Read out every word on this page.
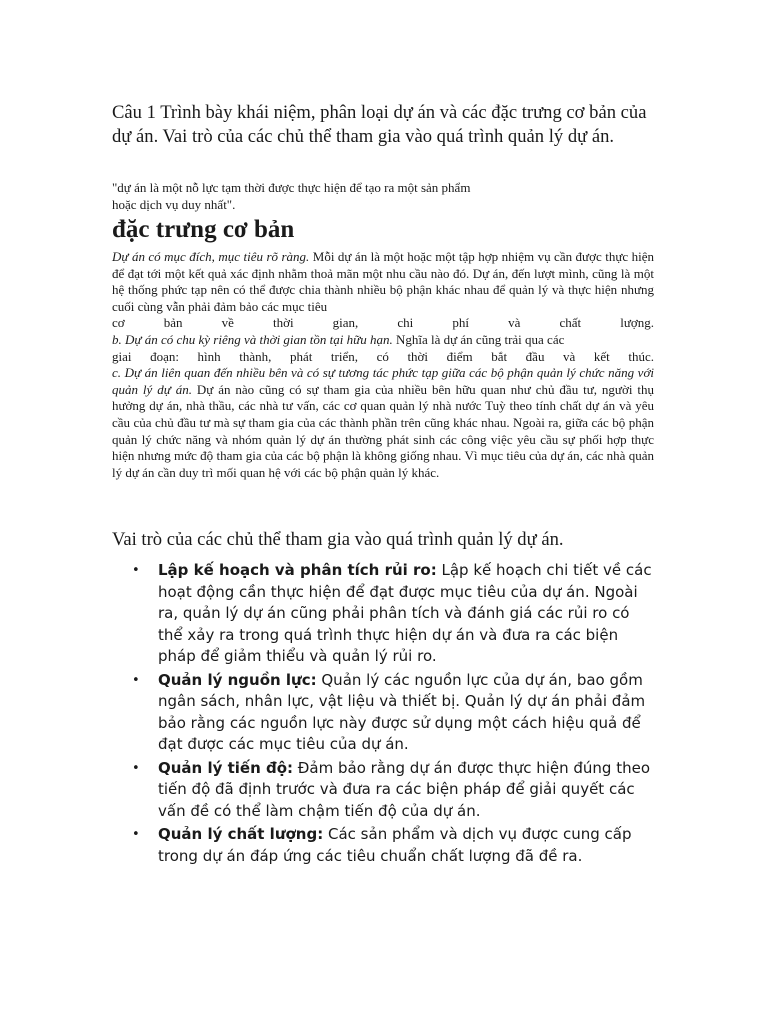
Câu 1 Trình bày khái niệm, phân loại dự án và các đặc trưng cơ bản của dự án. Vai trò của các chủ thể tham gia vào quá trình quản lý dự án.

"dự án là một nỗ lực tạm thời được thực hiện để tạo ra một sản phẩm
hoặc dịch vụ duy nhất".

đặc trưng cơ bản

Dự án có mục đích, mục tiêu rõ ràng. Mỗi dự án là một hoặc một tập hợp nhiệm vụ cần được thực hiện để đạt tới một kết quả xác định nhằm thoả mãn một nhu cầu nào đó. Dự án, đến lượt mình, cũng là một hệ thống phức tạp nên có thể được chia thành nhiều bộ phận khác nhau để quản lý và thực hiện nhưng cuối cùng vẫn phải đảm bảo các mục tiêu

cơ bản về thời gian, chi phí và chất lượng.

b. Dự án có chu kỳ riêng và thời gian tồn tại hữu hạn. Nghĩa là dự án cũng trải qua các

giai đoạn: hình thành, phát triển, có thời điểm bắt đầu và kết thúc.

c. Dự án liên quan đến nhiều bên và có sự tương tác phức tạp giữa các bộ phận quản lý chức năng với quản lý dự án. Dự án nào cũng có sự tham gia của nhiều bên hữu quan như chủ đầu tư, người thụ hưởng dự án, nhà thầu, các nhà tư vấn, các cơ quan quản lý nhà nước Tuỳ theo tính chất dự án và yêu cầu của chủ đầu tư mà sự tham gia của các thành phần trên cũng khác nhau. Ngoài ra, giữa các bộ phận quản lý chức năng và nhóm quản lý dự án thường phát sinh các công việc yêu cầu sự phối hợp thực hiện nhưng mức độ tham gia của các bộ phận là không giống nhau. Vì mục tiêu của dự án, các nhà quản lý dự án cần duy trì mối quan hệ với các bộ phận quản lý khác.

Vai trò của các chủ thể tham gia vào quá trình quản lý dự án.
• Lập kế hoạch và phân tích rủi ro: Lập kế hoạch chi tiết về các hoạt động cần thực hiện để đạt được mục tiêu của dự án. Ngoài ra, quản lý dự án cũng phải phân tích và đánh giá các rủi ro có thể xảy ra trong quá trình thực hiện dự án và đưa ra các biện pháp để giảm thiểu và quản lý rủi ro.
• Quản lý nguồn lực: Quản lý các nguồn lực của dự án, bao gồm ngân sách, nhân lực, vật liệu và thiết bị. Quản lý dự án phải đảm bảo rằng các nguồn lực này được sử dụng một cách hiệu quả để đạt được các mục tiêu của dự án.
• Quản lý tiến độ: Đảm bảo rằng dự án được thực hiện đúng theo tiến độ đã định trước và đưa ra các biện pháp để giải quyết các vấn đề có thể làm chậm tiến độ của dự án.
• Quản lý chất lượng: Các sản phẩm và dịch vụ được cung cấp trong dự án đáp ứng các tiêu chuẩn chất lượng đã đề ra.
